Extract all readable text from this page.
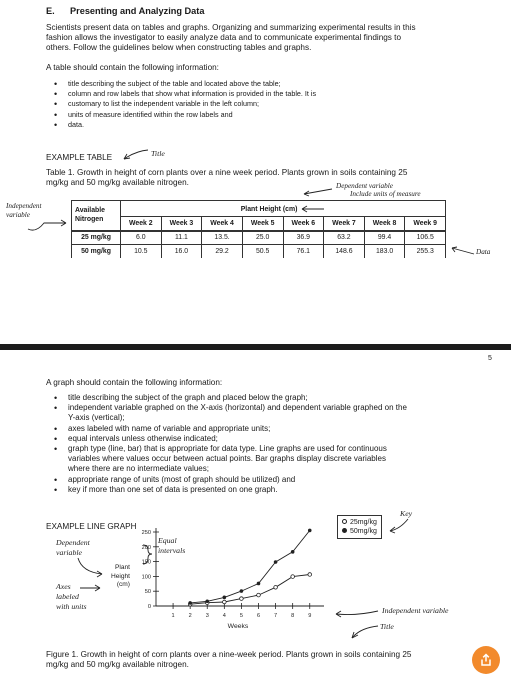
E. Presenting and Analyzing Data
Scientists present data on tables and graphs. Organizing and summarizing experimental results in this
fashion allows the investigator to easily analyze data and to communicate experimental findings to
others. Follow the guidelines below when constructing tables and graphs.
A table should contain the following information:
• title describing the subject of the table and located above the table;
• column and row labels that show what information is provided in the table. It is
• customary to list the independent variable in the left column;
• units of measure identified within the row labels and
• data.
EXAMPLE TABLE	Title
Table 1. Growth in height of corn plants over a nine week period. Plants grown in soils containing 25
mg/kg and 50 mg/kg available nitrogen.	Dependent variable
Include units of measure
Independent
variable
Available
Nitrogen	Plant Height (cm)							
	Week 2	Week 3	Week 4	Week 5	Week 6	Week 7	Week 8	Week 9
25 mg/kg	6.0	11.1	13.5.	25.0	36.9	63.2	99.4	106.5
50 mg/kg	10.5	16.0	29.2	50.5	76.1	148.6	183.0	255.3	Data
5
A graph should contain the following information:
• title describing the subject of the graph and placed below the graph;
• independent variable graphed on the X-axis (horizontal) and dependent variable graphed on the
Y-axis (vertical);
• axes labeled with name of variable and appropriate units;
• equal intervals unless otherwise indicated;
• graph type (line, bar) that is appropriate for data type. Line graphs are used for continuous
variables where values occur between actual points. Bar graphs display discrete variables
where there are no intermediate values;
• appropriate range of units (most of graph should be utilized) and
• key if more than one set of data is presented on one graph.
EXAMPLE LINE GRAPH
Dependent
variable
Equal
intervals
Plant
Height
(cm)
Axes
labeled
with units	0
50
100
150
200
250
1 2 3 4 5 6 7 8 9
Weeks
25mg/kg
50mg/kg
Key
Independent variable
Title
Figure 1. Growth in height of corn plants over a nine-week period. Plants grown in soils containing 25
mg/kg and 50 mg/kg available nitrogen.
